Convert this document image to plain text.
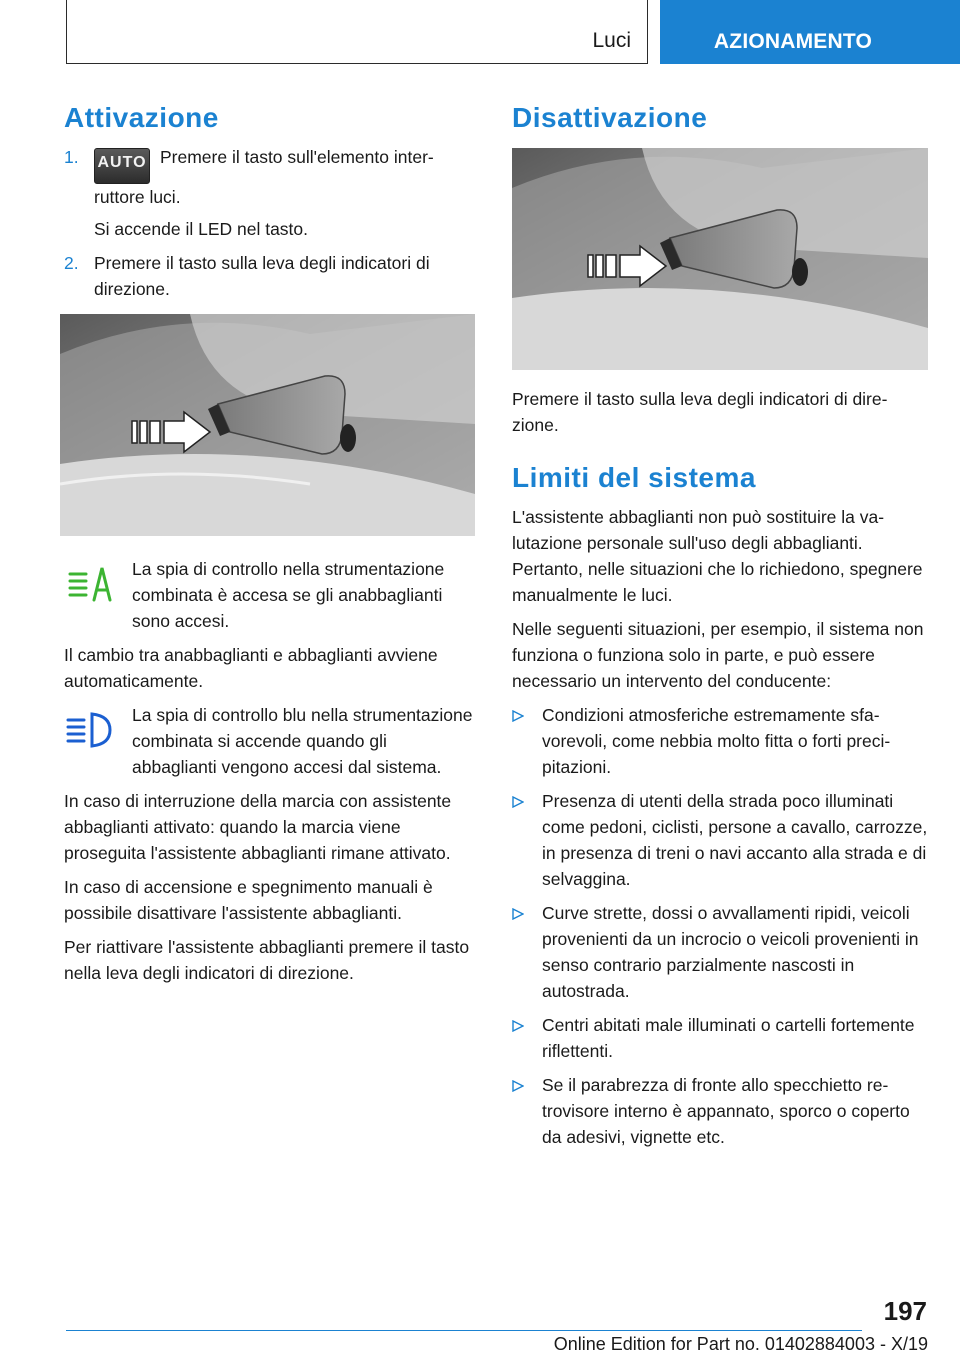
Luci	AZIONAMENTO
Attivazione
1. AUTO Premere il tasto sull'elemento interruttore luci.

Si accende il LED nel tasto.

2. Premere il tasto sulla leva degli indicatori di direzione.

La spia di controllo nella strumentazione combinata è accesa se gli anabbaglianti sono accesi.

Il cambio tra anabbaglianti e abbaglianti avviene automaticamente.

La spia di controllo blu nella strumentazione combinata si accende quando gli abbaglianti vengono accesi dal sistema.

In caso di interruzione della marcia con assistente abbaglianti attivato: quando la marcia viene proseguita l'assistente abbaglianti rimane attivato.

In caso di accensione e spegnimento manuali è possibile disattivare l'assistente abbaglianti.

Per riattivare l'assistente abbaglianti premere il tasto nella leva degli indicatori di direzione.

Disattivazione

Premere il tasto sulla leva degli indicatori di direzione.

Limiti del sistema

L'assistente abbaglianti non può sostituire la valutazione personale sull'uso degli abbaglianti. Pertanto, nelle situazioni che lo richiedono, spegnere manualmente le luci.

Nelle seguenti situazioni, per esempio, il sistema non funziona o funziona solo in parte, e può essere necessario un intervento del conducente:

Condizioni atmosferiche estremamente sfavorevoli, come nebbia molto fitta o forti precipitazioni.
Presenza di utenti della strada poco illuminati come pedoni, ciclisti, persone a cavallo, carrozze, in presenza di treni o navi accanto alla strada e di selvaggina.
Curve strette, dossi o avvallamenti ripidi, veicoli provenienti da un incrocio o veicoli provenienti in senso contrario parzialmente nascosti in autostrada.
Centri abitati male illuminati o cartelli fortemente riflettenti.
Se il parabrezza di fronte allo specchietto retrovisore interno è appannato, sporco o coperto da adesivi, vignette etc.
197
Online Edition for Part no. 01402884003 - X/19
